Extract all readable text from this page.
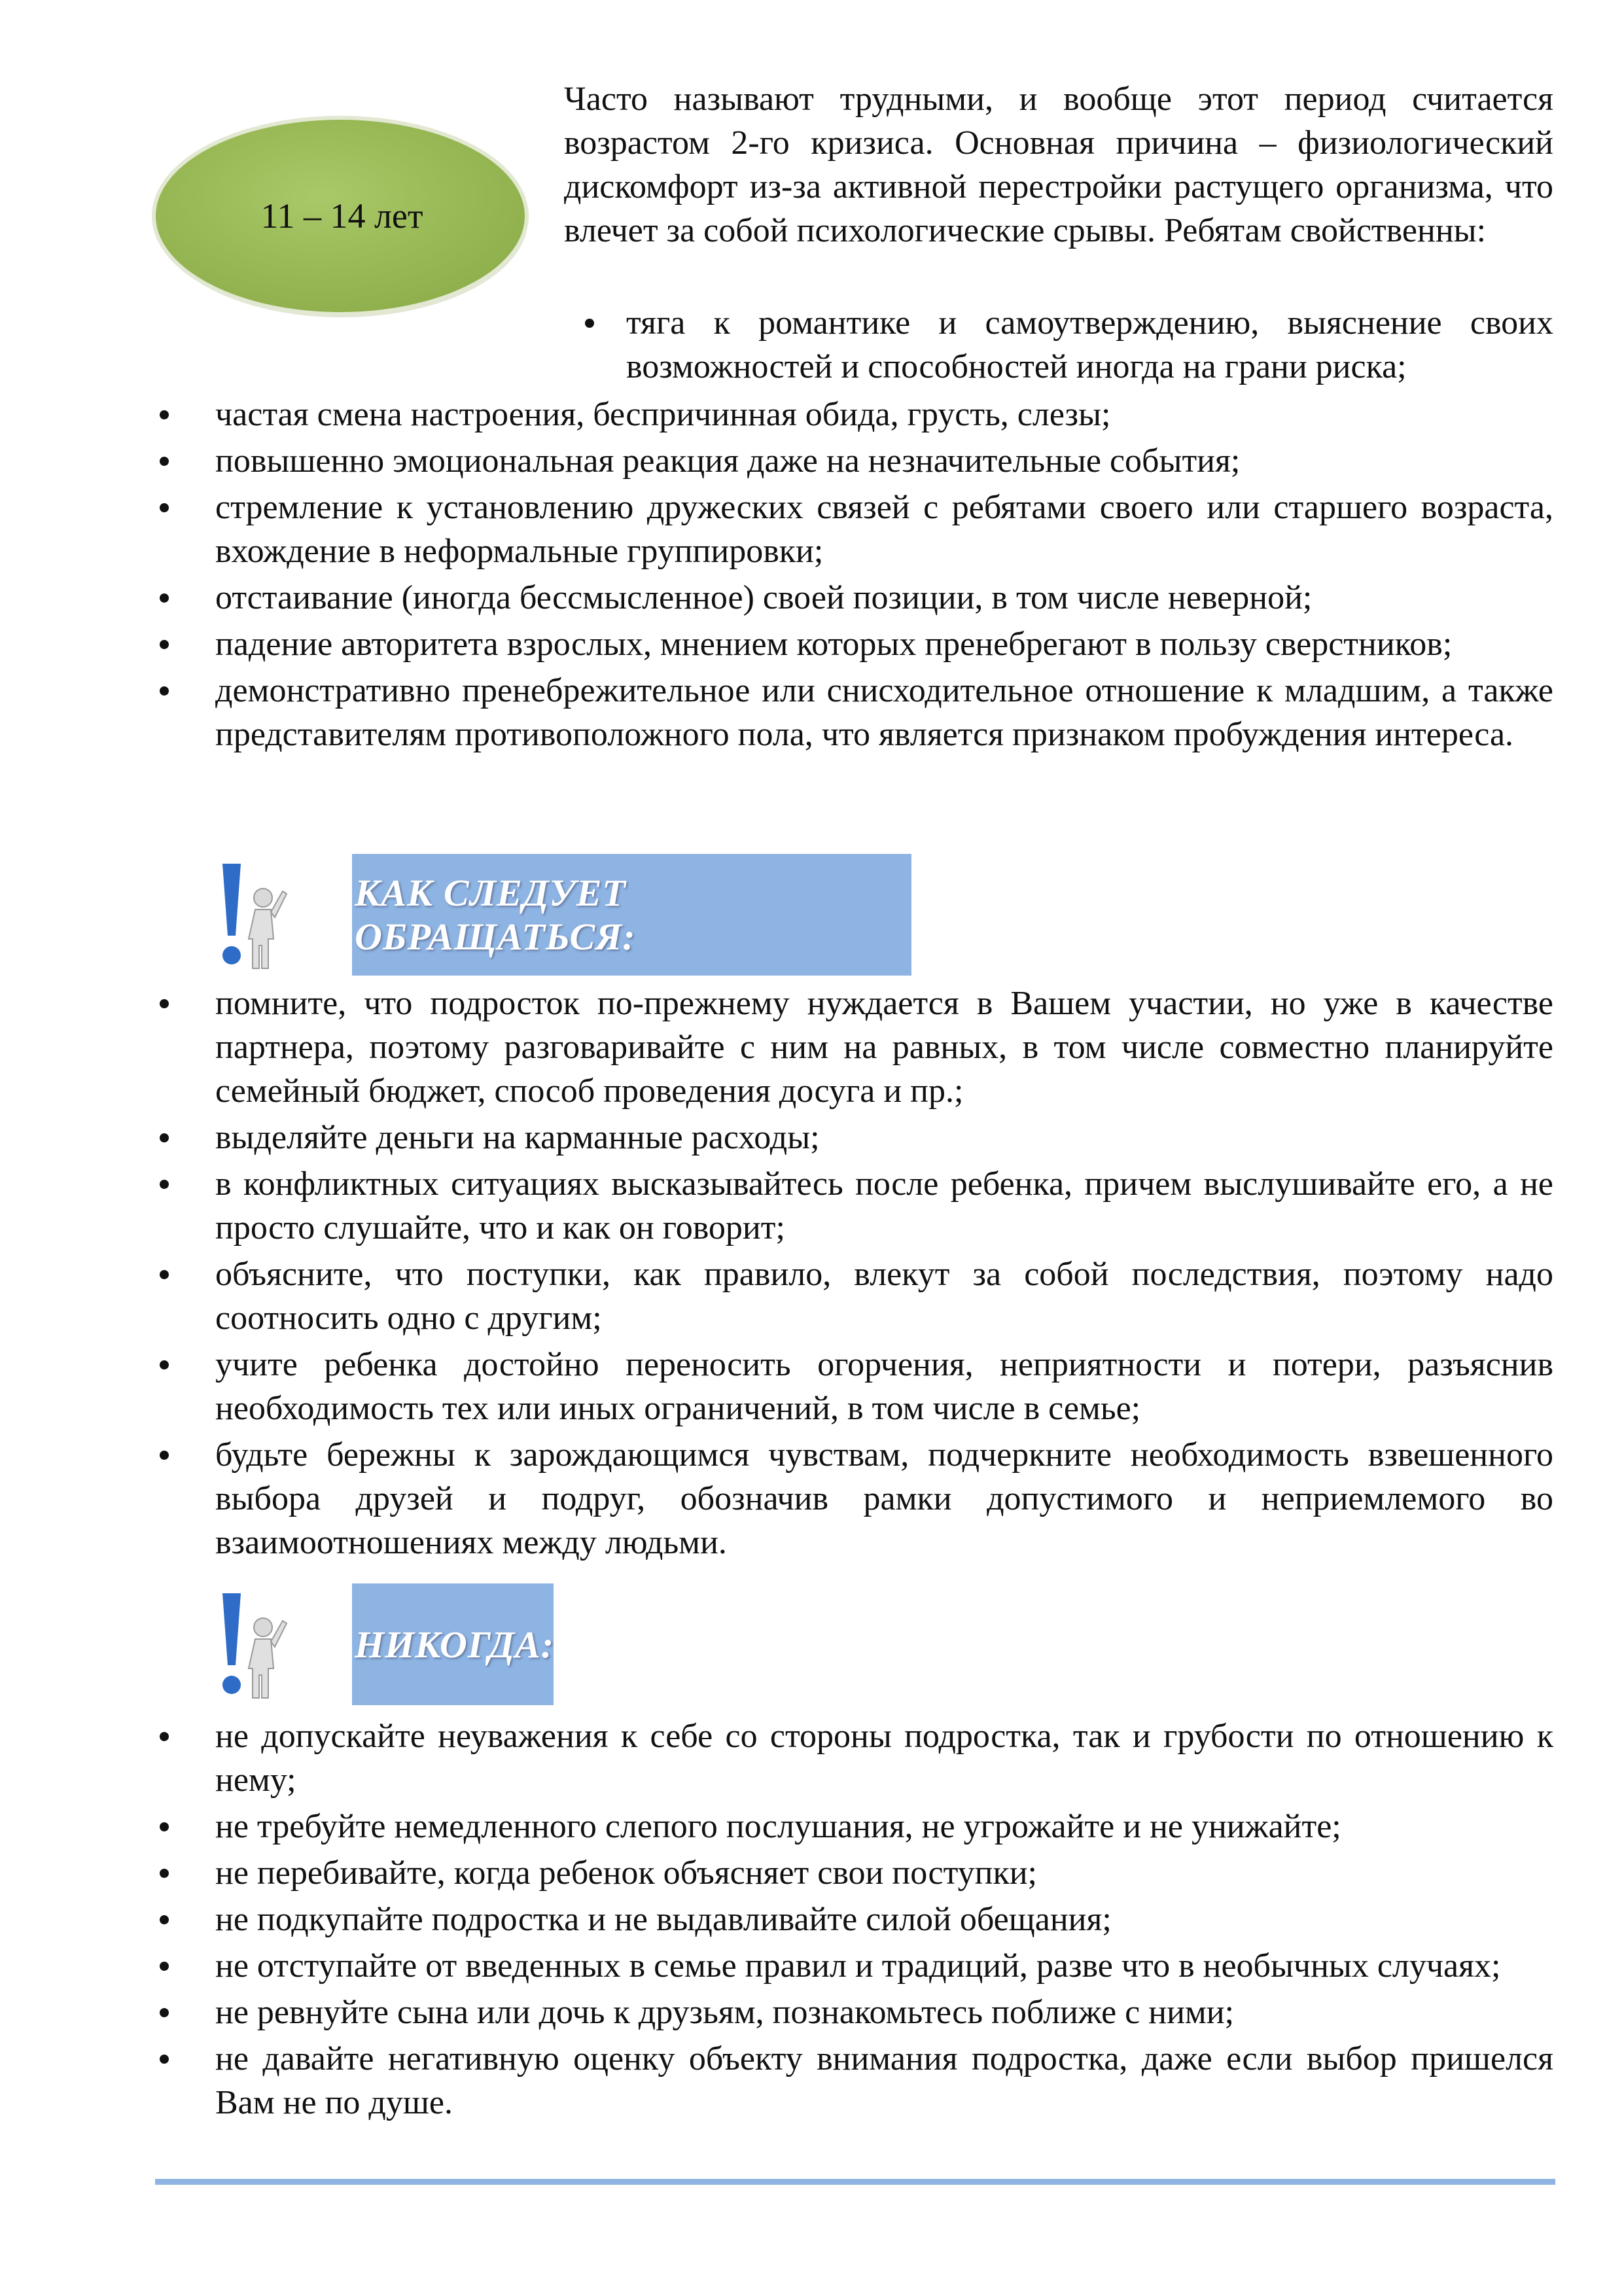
11 – 14 лет

Часто называют трудными, и вообще этот период считается возрастом 2-го кризиса. Основная причина – физиологический дискомфорт из-за активной перестройки растущего организма, что влечет за собой психологические срывы. Ребятам свойственны:

тяга к романтике и самоутверждению, выяснение своих возможностей и способностей иногда на грани риска;
частая смена настроения, беспричинная обида, грусть, слезы;
повышенно эмоциональная реакция даже на незначительные события;
стремление к установлению дружеских связей с ребятами своего или старшего возраста, вхождение в неформальные группировки;
отстаивание (иногда бессмысленное) своей позиции, в том числе неверной;
падение авторитета взрослых, мнением которых пренебрегают в пользу сверстников;
демонстративно пренебрежительное или снисходительное отношение к младшим, а также представителям противоположного пола, что является признаком пробуждения интереса.
КАК СЛЕДУЕТ ОБРАЩАТЬСЯ:
помните, что подросток по-прежнему нуждается в Вашем участии, но уже в качестве партнера, поэтому разговаривайте с ним на равных, в том числе совместно планируйте семейный бюджет, способ проведения досуга и пр.;
выделяйте деньги на карманные расходы;
в конфликтных ситуациях высказывайтесь после ребенка, причем выслушивайте его, а не просто слушайте, что и как он говорит;
объясните, что поступки, как правило, влекут за собой последствия, поэтому надо соотносить одно с другим;
учите ребенка достойно переносить огорчения, неприятности и потери, разъяснив необходимость тех или иных ограничений, в том числе в семье;
будьте бережны к зарождающимся чувствам, подчеркните необходимость взвешенного выбора друзей и подруг, обозначив рамки допустимого и неприемлемого во взаимоотношениях между людьми.
НИКОГДА:
не допускайте неуважения к себе со стороны подростка, так и грубости по отношению к нему;
не требуйте немедленного слепого послушания, не угрожайте и не унижайте;
не перебивайте, когда ребенок объясняет свои поступки;
не подкупайте подростка и не выдавливайте силой обещания;
не отступайте от введенных в семье правил и традиций, разве что в необычных случаях;
не ревнуйте сына или дочь к друзьям, познакомьтесь поближе с ними;
не давайте негативную оценку объекту внимания подростка, даже если выбор пришелся Вам не по душе.
